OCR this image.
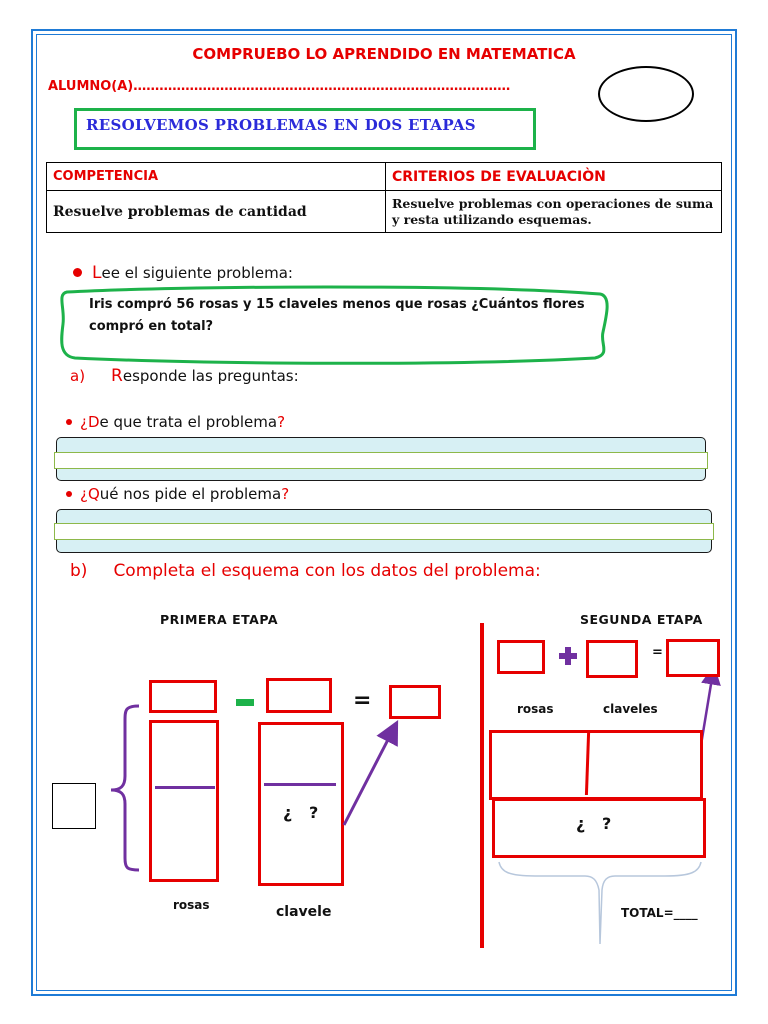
COMPRUEBO LO APRENDIDO EN MATEMATICA
ALUMNO(A)……………………………………………………………………………
RESOLVEMOS PROBLEMAS EN DOS ETAPAS
COMPETENCIA	CRITERIOS DE EVALUACIÒN
Resuelve problemas de cantidad	Resuelve problemas con operaciones de suma y resta utilizando esquemas.
Lee el siguiente problema:
Iris compró 56 rosas y 15 claveles menos que rosas ¿Cuántos flores compró en total?
a) Responde las preguntas:
¿De que trata el problema?
¿Qué nos pide el problema?
b) Completa el esquema con los datos del problema:
PRIMERA ETAPA	SEGUNDA ETAPA
=
¿   ?
rosas	clavele
=
rosas	claveles
¿   ?
TOTAL=____
